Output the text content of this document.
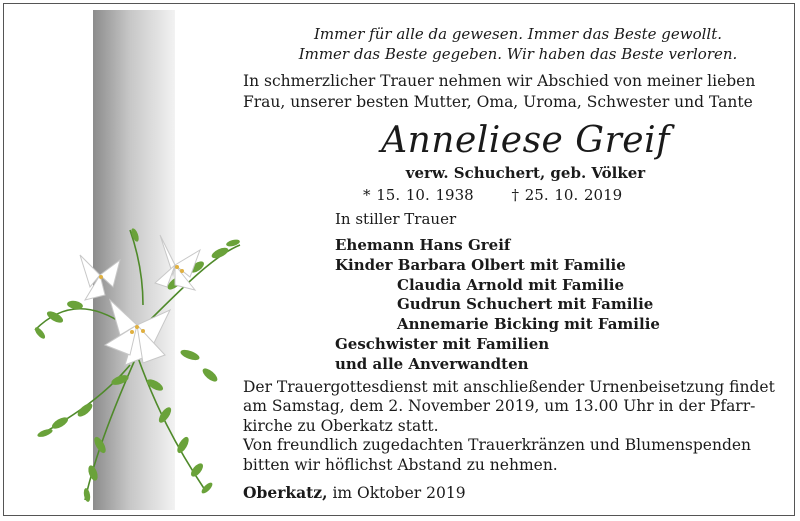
Immer für alle da gewesen. Immer das Beste gewollt.
Immer das Beste gegeben. Wir haben das Beste verloren.
In schmerzlicher Trauer nehmen wir Abschied von meiner lieben
Frau, unserer besten Mutter, Oma, Uroma, Schwester und Tante
Anneliese Greif
verw. Schuchert, geb. Völker
* 15. 10. 1938	† 25. 10. 2019
In stiller Trauer
Ehemann Hans Greif
Kinder Barbara Olbert mit Familie
Claudia Arnold mit Familie
Gudrun Schuchert mit Familie
Annemarie Bicking mit Familie
Geschwister mit Familien
und alle Anverwandten
Der Trauergottesdienst mit anschließender Urnenbeisetzung findet
am Samstag, dem 2. November 2019, um 13.00 Uhr in der Pfarr-
kirche zu Oberkatz statt.
Von freundlich zugedachten Trauerkränzen und Blumenspenden
bitten wir höflichst Abstand zu nehmen.
Oberkatz, im Oktober 2019
